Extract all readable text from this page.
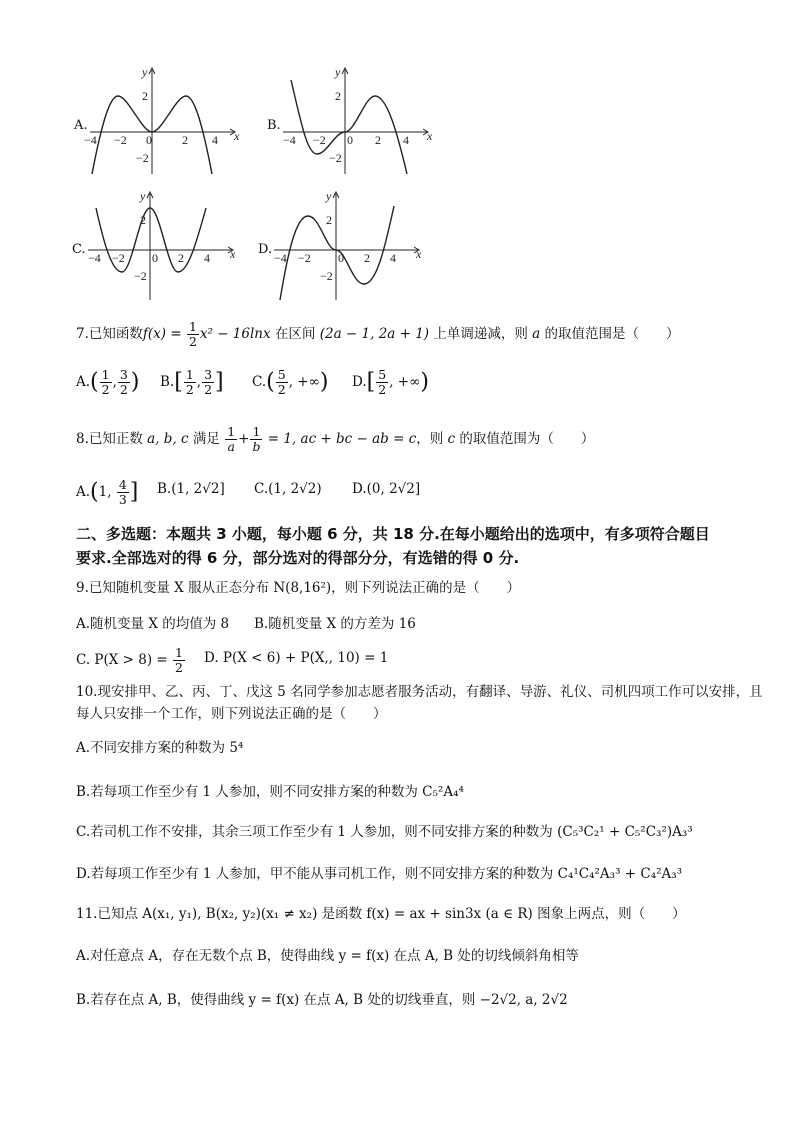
A.
−4 −2 0	2 4 x
y
2
−2
B.
−4 −2 0 2 4 x
y
2
−2
C.
−4 −2 0 2 4 x
y
2
−2
D.
−4 −2 0 2 4 x
y
2
−2
7.已知函数$f(x) = \frac{1}{2} x^2 - 16\ln x$ 在区间 (2a − 1, 2a + 1) 上单调递减，则 a 的取值范围是（　　）
$A.( \frac{1}{2}$ , $\frac{3}{2}$ ) $B.[ \frac{1}{2}$ , $\frac{3}{2}$ ] $C.( \frac{5}{2}$ , +∞) $D.[ \frac{5}{2}$ , +∞)
8.已知正数 a, b, c 满足 $\frac{1}{a} + \frac{1}{b} = 1$, ac + bc − ab = c，则 c 的取值范围为（　　）
A.(1, $\frac{4}{3}$ ] B.(1, 2√2] C.(1, 2√2) D.(0, 2√2]
二、多选题：本题共 3 小题，每小题 6 分，共 18 分.在每小题给出的选项中，有多项符合题目
要求.全部选对的得 6 分，部分选对的得部分分，有选错的得 0 分.
9.已知随机变量 X 服从正态分布 N(8,16²)，则下列说法正确的是（　　）
A.随机变量 X 的均值为 8 B.随机变量 X 的方差为 16
C. $P(X > 8) = \frac{1}{2} D$. P(X < 6) + P(X,, 10) = 1
10.现安排甲、乙、丙、丁、戊这 5 名同学参加志愿者服务活动，有翻译、导游、礼仪、司机四项工作可以安排，且
每人只安排一个工作，则下列说法正确的是（　　）
A.不同安排方案的种数为 5⁴
B.若每项工作至少有 1 人参加，则不同安排方案的种数为 C₅²A₄⁴
C.若司机工作不安排，其余三项工作至少有 1 人参加，则不同安排方案的种数为 (C₅³C₂¹ + C₅²C₃²)A₃³
D.若每项工作至少有 1 人参加，甲不能从事司机工作，则不同安排方案的种数为 C₄¹C₄²A₃³ + C₄²A₃³
11.已知点 A(x₁, y₁), B(x₂, y₂)(x₁ ≠ x₂) 是函数 f(x) = ax + sin3x (a ∈ R) 图象上两点，则（　　）
A.对任意点 A，存在无数个点 B，使得曲线 y = f(x) 在点 A, B 处的切线倾斜角相等
B.若存在点 A, B，使得曲线 y = f(x) 在点 A, B 处的切线垂直，则 −2√2, a, 2√2
